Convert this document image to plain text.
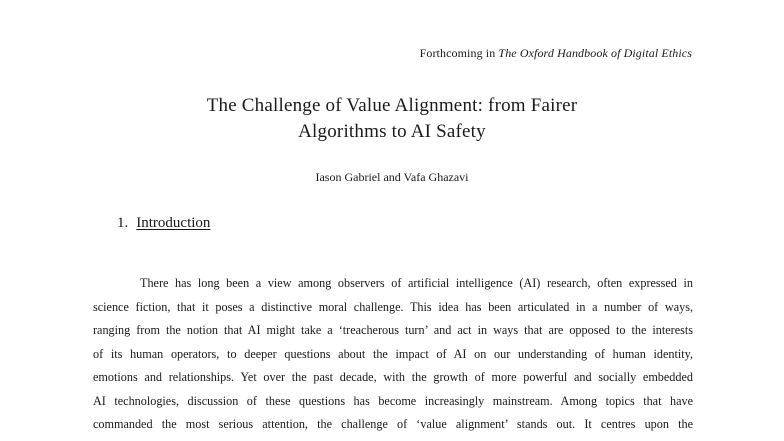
Forthcoming in The Oxford Handbook of Digital Ethics
The Challenge of Value Alignment: from Fairer
Algorithms to AI Safety
Iason Gabriel and Vafa Ghazavi
1. Introduction
There has long been a view among observers of artificial intelligence (AI) research, often expressed in
science fiction, that it poses a distinctive moral challenge. This idea has been articulated in a number of ways,
ranging from the notion that AI might take a ‘treacherous turn’ and act in ways that are opposed to the interests
of its human operators, to deeper questions about the impact of AI on our understanding of human identity,
emotions and relationships. Yet over the past decade, with the growth of more powerful and socially embedded
AI technologies, discussion of these questions has become increasingly mainstream. Among topics that have
commanded the most serious attention, the challenge of ‘value alignment’ stands out. It centres upon the
